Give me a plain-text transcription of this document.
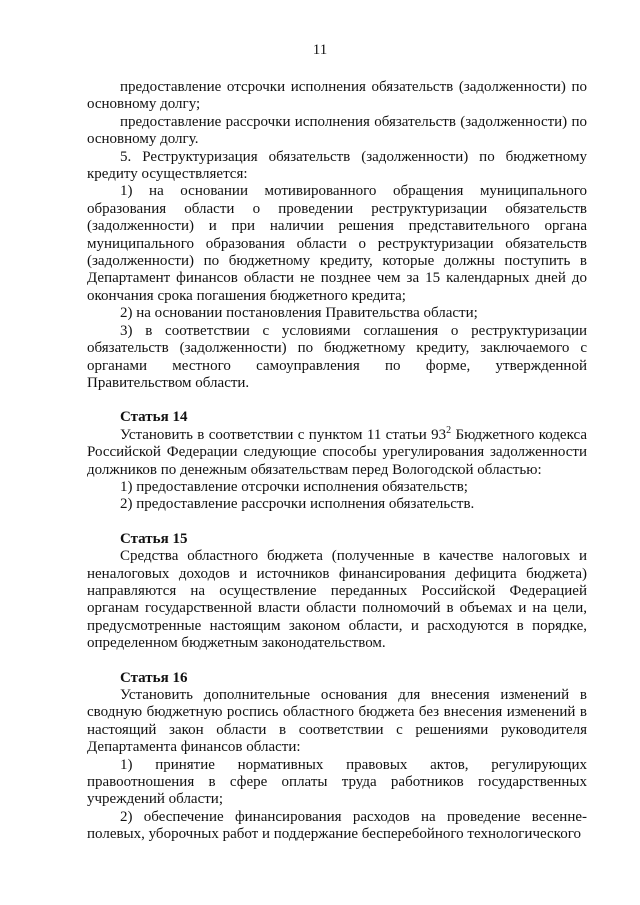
11

предоставление отсрочки исполнения обязательств (задолженности) по основному долгу;

предоставление рассрочки исполнения обязательств (задолженности) по основному долгу.

5. Реструктуризация обязательств (задолженности) по бюджетному кредиту осуществляется:

1) на основании мотивированного обращения муниципального образования области о проведении реструктуризации обязательств (задолженности) и при наличии решения представительного органа муниципального образования области о реструктуризации обязательств (задолженности) по бюджетному кредиту, которые должны поступить в Департамент финансов области не позднее чем за 15 календарных дней до окончания срока погашения бюджетного кредита;

2) на основании постановления Правительства области;

3) в соответствии с условиями соглашения о реструктуризации обязательств (задолженности) по бюджетному кредиту, заключаемого с органами местного самоуправления по форме, утвержденной Правительством области.

Статья 14

Установить в соответствии с пунктом 11 статьи $93^2$ Бюджетного кодекса Российской Федерации следующие способы урегулирования задолженности должников по денежным обязательствам перед Вологодской областью:

1) предоставление отсрочки исполнения обязательств;

2) предоставление рассрочки исполнения обязательств.

Статья 15

Средства областного бюджета (полученные в качестве налоговых и неналоговых доходов и источников финансирования дефицита бюджета) направляются на осуществление переданных Российской Федерацией органам государственной власти области полномочий в объемах и на цели, предусмотренные настоящим законом области, и расходуются в порядке, определенном бюджетным законодательством.

Статья 16

Установить дополнительные основания для внесения изменений в сводную бюджетную роспись областного бюджета без внесения изменений в настоящий закон области в соответствии с решениями руководителя Департамента финансов области:

1) принятие нормативных правовых актов, регулирующих правоотношения в сфере оплаты труда работников государственных учреждений области;

2) обеспечение финансирования расходов на проведение весенне-полевых, уборочных работ и поддержание бесперебойного технологического
